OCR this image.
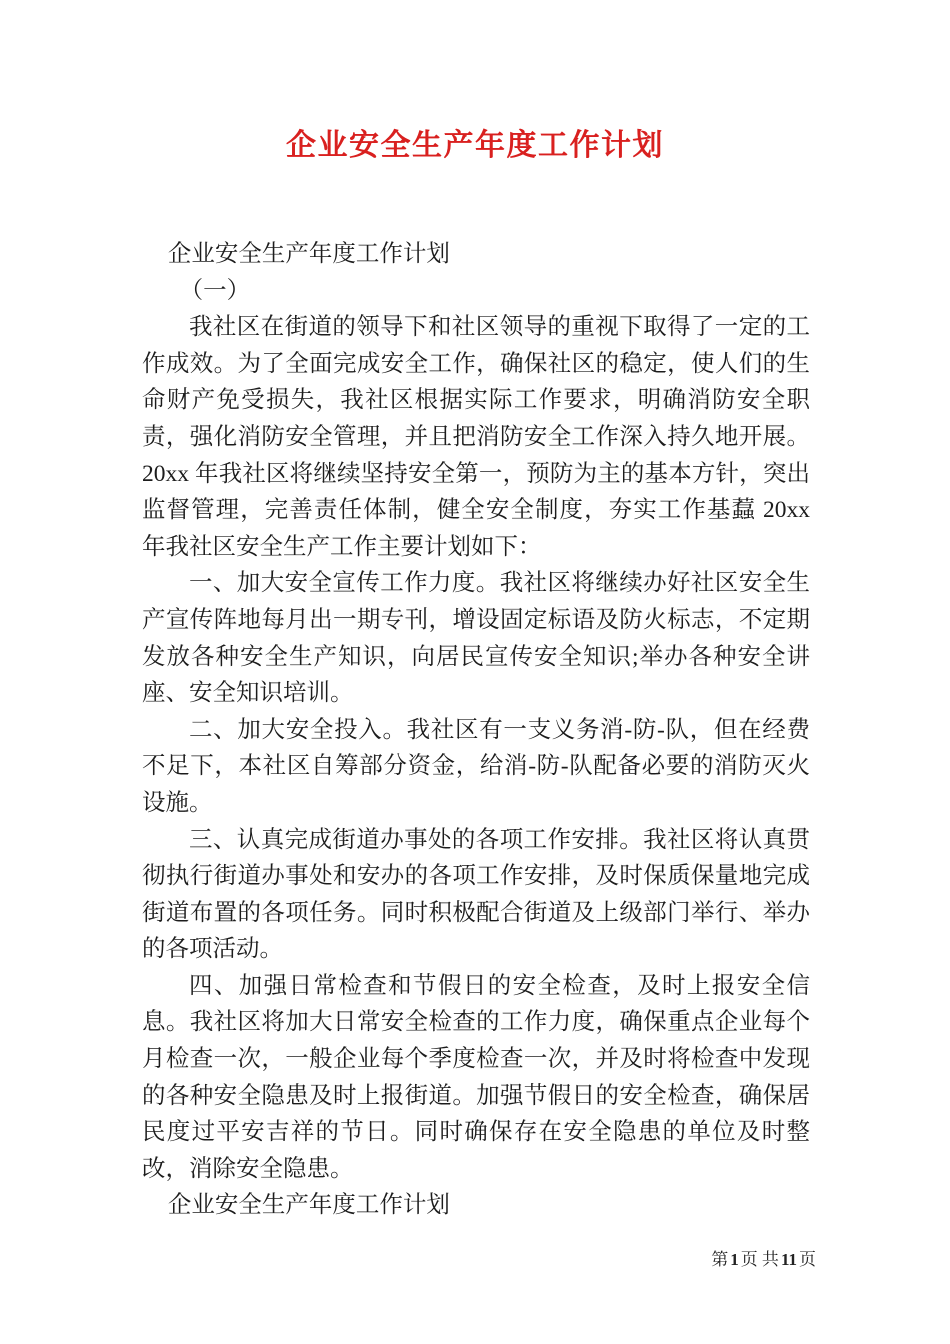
企业安全生产年度工作计划

企业安全生产年度工作计划

（一）

我社区在街道的领导下和社区领导的重视下取得了一定的工作成效。为了全面完成安全工作，确保社区的稳定，使人们的生命财产免受损失，我社区根据实际工作要求，明确消防安全职责，强化消防安全管理，并且把消防安全工作深入持久地开展。20xx 年我社区将继续坚持安全第一，预防为主的基本方针，突出监督管理，完善责任体制，健全安全制度，夯实工作基蠚 20xx 年我社区安全生产工作主要计划如下：

一、加大安全宣传工作力度。我社区将继续办好社区安全生产宣传阵地每月出一期专刊，增设固定标语及防火标志，不定期发放各种安全生产知识，向居民宣传安全知识;举办各种安全讲座、安全知识培训。

二、加大安全投入。我社区有一支义务消-防-队，但在经费不足下，本社区自筹部分资金，给消-防-队配备必要的消防灭火设施。

三、认真完成街道办事处的各项工作安排。我社区将认真贯彻执行街道办事处和安办的各项工作安排，及时保质保量地完成街道布置的各项任务。同时积极配合街道及上级部门举行、举办的各项活动。

四、加强日常检查和节假日的安全检查，及时上报安全信息。我社区将加大日常安全检查的工作力度，确保重点企业每个月检查一次，一般企业每个季度检查一次，并及时将检查中发现的各种安全隐患及时上报街道。加强节假日的安全检查，确保居民度过平安吉祥的节日。同时确保存在安全隐患的单位及时整改，消除安全隐患。

企业安全生产年度工作计划

第 1 页 共 11 页
